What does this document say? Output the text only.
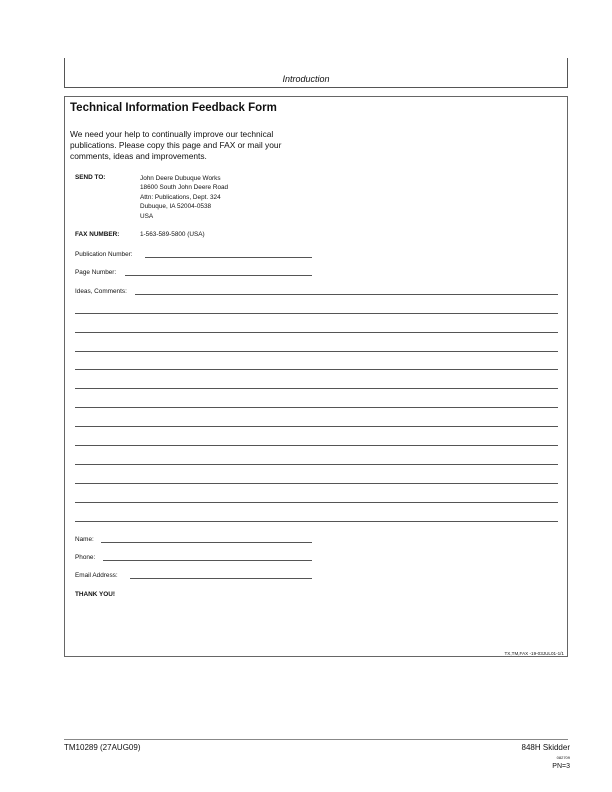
Introduction
Technical Information Feedback Form
We need your help to continually improve our technical
publications. Please copy this page and FAX or mail your
comments, ideas and improvements.
SEND TO:	John Deere Dubuque Works
18600 South John Deere Road
Attn: Publications, Dept. 324
Dubuque, IA 52004-0538
USA
FAX NUMBER:	1-563-589-5800 (USA)
Publication Number:
Page Number:
Ideas, Comments:
Name:
Phone:
Email Address:
THANK YOU!
TX,TM,FAX -19-03JUL01-1/1
TM10289 (27AUG09)	848H Skidder
082709
PN=3
